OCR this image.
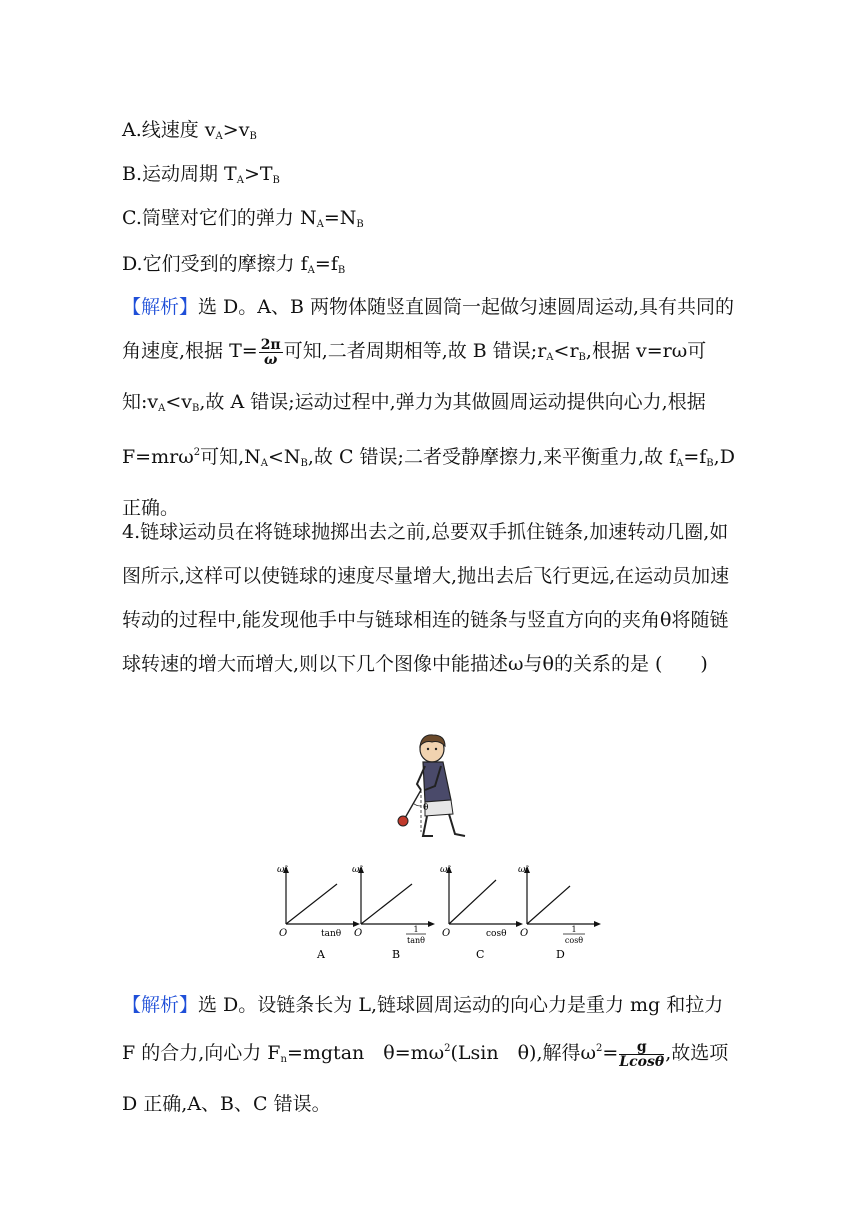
A.线速度 $v_A>v_B$
B.运动周期 $T_A>T_B$
C.筒壁对它们的弹力 $N_A=N_B$
D.它们受到的摩擦力 $f_A=f_B$
【解析】选 D。A、B 两物体随竖直圆筒一起做匀速圆周运动,具有共同的角速度,根据 $T= \frac{2\pi}{\omega}$ 可知,二者周期相等,故 B 错误$;r_A<r_B$,根据 v=rω可知$:v_A<v_B$,故 A 错误;运动过程中,弹力为其做圆周运动提供向心力,根据 F=mrω$^2$可知$,N_A<N_B$,故 C 错误;二者受静摩擦力,来平衡重力,故 $f_A=f_B,D$ 正确。
4.链球运动员在将链球抛掷出去之前,总要双手抓住链条,加速转动几圈,如图所示,这样可以使链球的速度尽量增大,抛出去后飞行更远,在运动员加速转动的过程中,能发现他手中与链球相连的链条与竖直方向的夹角θ将随链球转速的增大而增大,则以下几个图像中能描述ω与θ的关系的是 (　　)
θ
ω²
O	tanθ
A
ω²
O	1
tanθ
B
ω²
O	cosθ
C
ω²
O	1
cosθ
D
【解析】选 D。设链条长为 L,链球圆周运动的向心力是重力 mg 和拉力 F 的合力,向心力 $F_n=mgtan$　$\theta=m\omega^2(Lsin$　θ),解得$\omega^2= \frac{g}{Lcos\theta}$ ,故选项 D 正确,A、B、C 错误。
